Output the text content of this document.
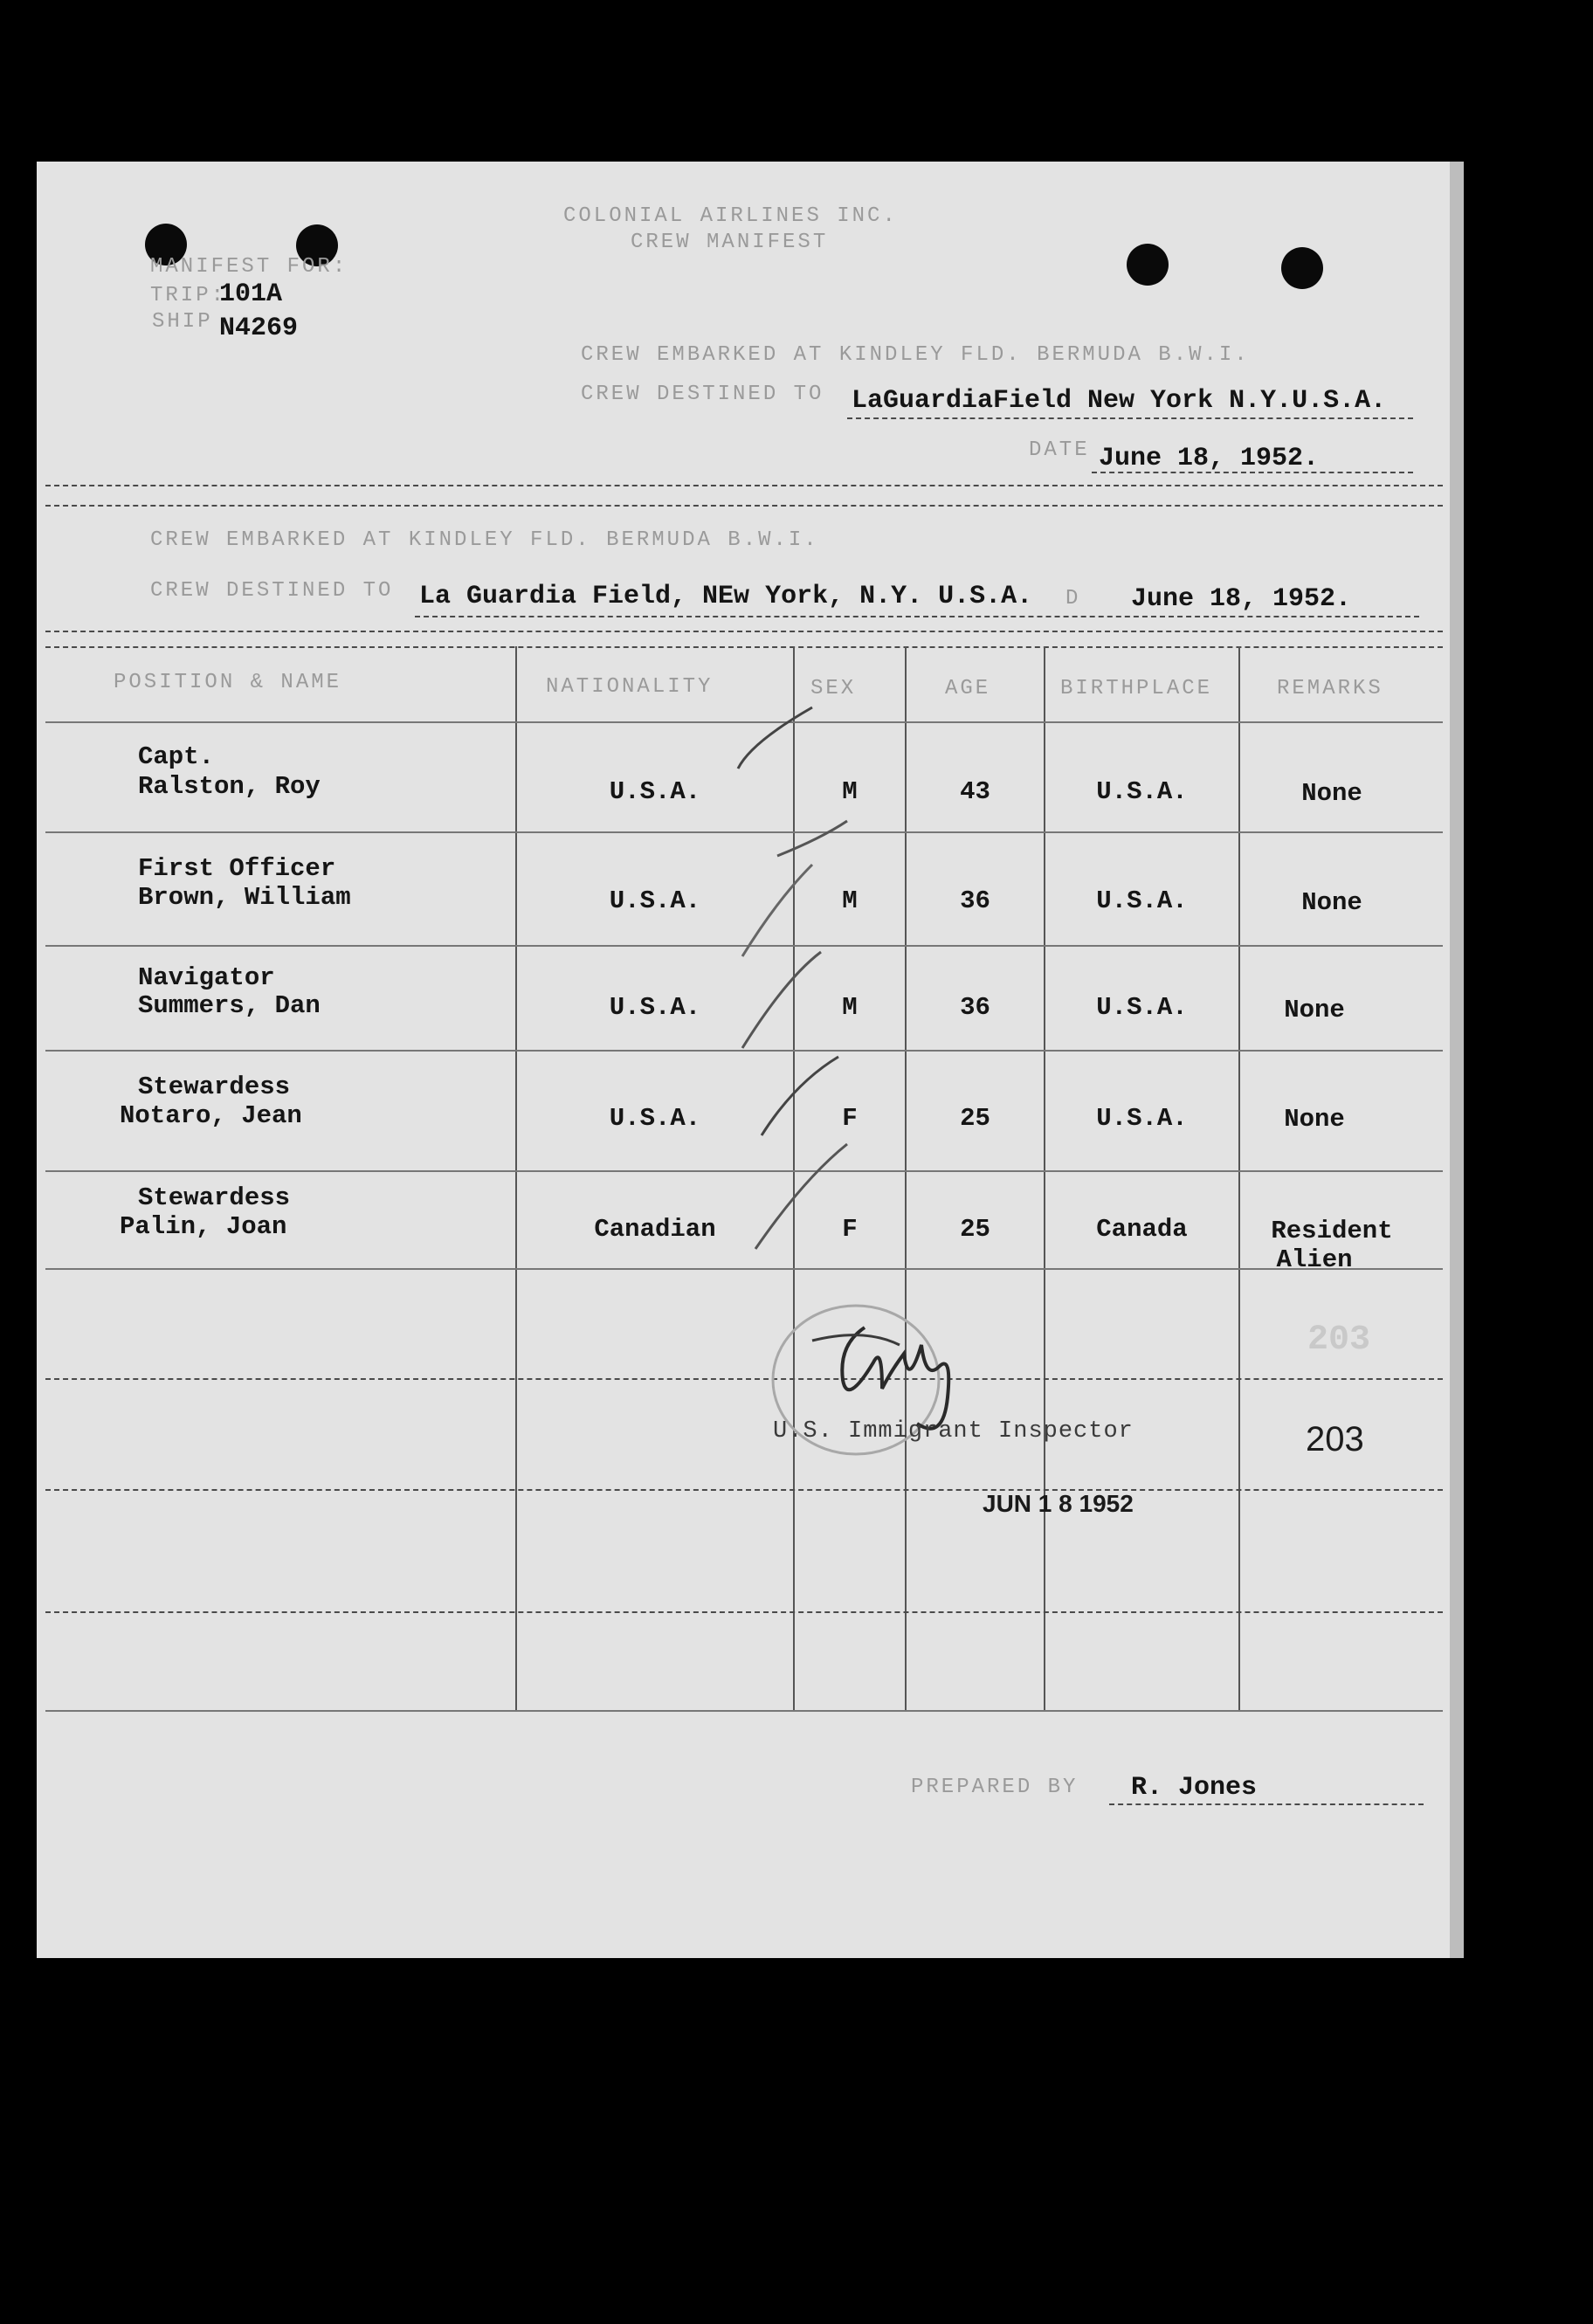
COLONIAL AIRLINES INC.
CREW MANIFEST
MANIFEST FOR:
TRIP:
101A
SHIP N4269
CREW EMBARKED AT KINDLEY FLD. BERMUDA B.W.I.
CREW DESTINED TO LaGuardiaField New York N.Y.U.S.A.
DATE June 18, 1952.
CREW EMBARKED AT KINDLEY FLD. BERMUDA B.W.I.
CREW DESTINED TO La Guardia Field, NEw York, N.Y. U.S.A. D June 18, 1952.
POSITION & NAME	NATIONALITY	SEX	AGE	BIRTHPLACE	REMARKS
Capt.
Ralston, Roy	U.S.A.	M	43	U.S.A.	None
First Officer
Brown, William	U.S.A.	M	36	U.S.A.	None
Navigator
Summers, Dan	U.S.A.	M	36	U.S.A.	None
Stewardess
Notaro, Jean	U.S.A.	F	25	U.S.A.	None
Stewardess
Palin, Joan	Canadian	F	25	Canada	Resident
Alien
203
U.S. Immigrant Inspector	203
JUN 1 8 1952
PREPARED BY R. Jones
